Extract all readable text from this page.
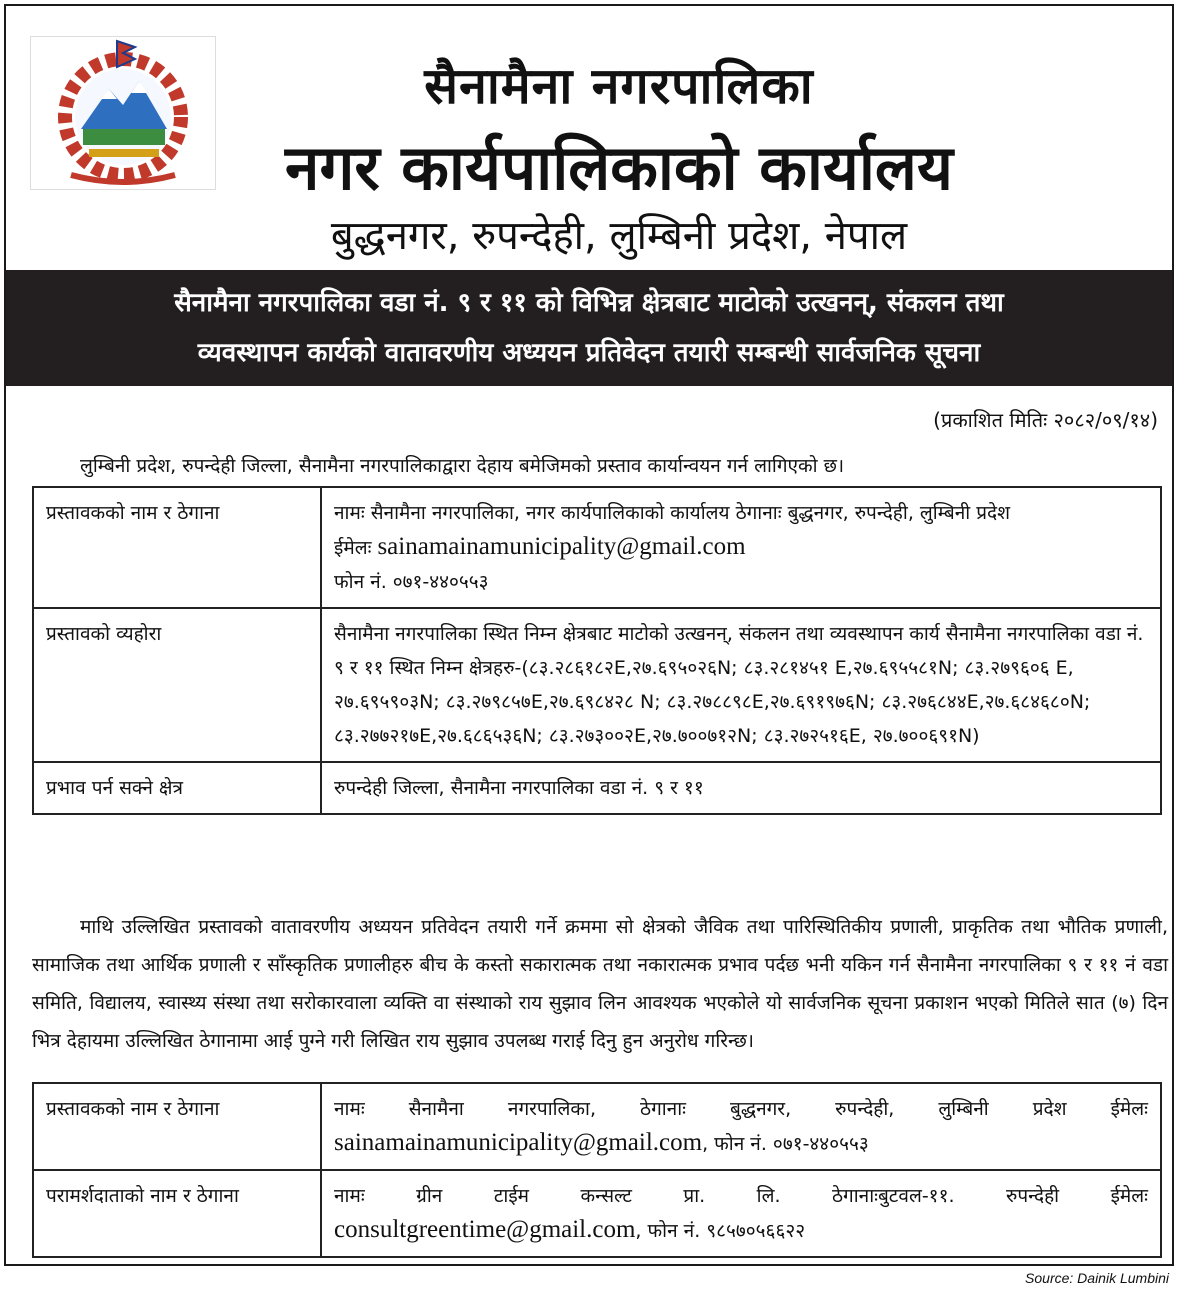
सैनामैना नगरपालिका
नगर कार्यपालिकाको कार्यालय
बुद्धनगर, रुपन्देही, लुम्बिनी प्रदेश, नेपाल
सैनामैना नगरपालिका वडा नं. ९ र ११ को विभिन्न क्षेत्रबाट माटोको उत्खनन्, संकलन तथा
व्यवस्थापन कार्यको वातावरणीय अध्ययन प्रतिवेदन तयारी सम्बन्धी सार्वजनिक सूचना
(प्रकाशित मितिः २०८२/०९/१४)
लुम्बिनी प्रदेश, रुपन्देही जिल्ला, सैनामैना नगरपालिकाद्वारा देहाय बमेजिमको प्रस्ताव कार्यान्वयन गर्न लागिएको छ।
प्रस्तावकको नाम र ठेगाना	नामः सैनामैना नगरपालिका, नगर कार्यपालिकाको कार्यालय ठेगानाः बुद्धनगर, रुपन्देही, लुम्बिनी प्रदेश
ईमेलः sainamainamunicipality@gmail.com
फोन नं. ०७१-४४०५५३

प्रस्तावको व्यहोरा	सैनामैना नगरपालिका स्थित निम्न क्षेत्रबाट माटोको उत्खनन्, संकलन तथा व्यवस्थापन कार्य सैनामैना नगरपालिका वडा नं. ९ र ११ स्थित निम्न क्षेत्रहरु-(८३.२८६१८२E,२७.६९५०२६N; ८३.२८१४५१ E,२७.६९५५८१N; ८३.२७९६०६ E, २७.६९५९०३N; ८३.२७९८५७E,२७.६९८४२८ N; ८३.२७८८९८E,२७.६९१९७६N; ८३.२७६८४४E,२७.६८४६८०N; ८३.२७७२१७E,२७.६८६५३६N; ८३.२७३००२E,२७.७००७१२N; ८३.२७२५१६E, २७.७००६९१N)
प्रभाव पर्न सक्ने क्षेत्र	रुपन्देही जिल्ला, सैनामैना नगरपालिका वडा नं. ९ र ११
माथि उल्लिखित प्रस्तावको वातावरणीय अध्ययन प्रतिवेदन तयारी गर्ने क्रममा सो क्षेत्रको जैविक तथा पारिस्थितिकीय प्रणाली, प्राकृतिक तथा भौतिक प्रणाली, सामाजिक तथा आर्थिक प्रणाली र साँस्कृतिक प्रणालीहरु बीच के कस्तो सकारात्मक तथा नकारात्मक प्रभाव पर्दछ भनी यकिन गर्न सैनामैना नगरपालिका ९ र ११ नं वडा समिति, विद्यालय, स्वास्थ्य संस्था तथा सरोकारवाला व्यक्ति वा संस्थाको राय सुझाव लिन आवश्यक भएकोले यो सार्वजनिक सूचना प्रकाशन भएको मितिले सात (७) दिन भित्र देहायमा उल्लिखित ठेगानामा आई पुग्ने गरी लिखित राय सुझाव उपलब्ध गराई दिनु हुन अनुरोध गरिन्छ।
प्रस्तावकको नाम र ठेगाना	नामः सैनामैना नगरपालिका, ठेगानाः बुद्धनगर, रुपन्देही, लुम्बिनी प्रदेश ईमेलः
sainamainamunicipality@gmail.com, फोन नं. ०७१-४४०५५३

परामर्शदाताको नाम र ठेगाना	नामः ग्रीन टाईम कन्सल्ट प्रा. लि. ठेगानाःबुटवल-११. रुपन्देही ईमेलः
consultgreentime@gmail.com, फोन नं. ९८५७०५६६२२
Source: Dainik Lumbini
